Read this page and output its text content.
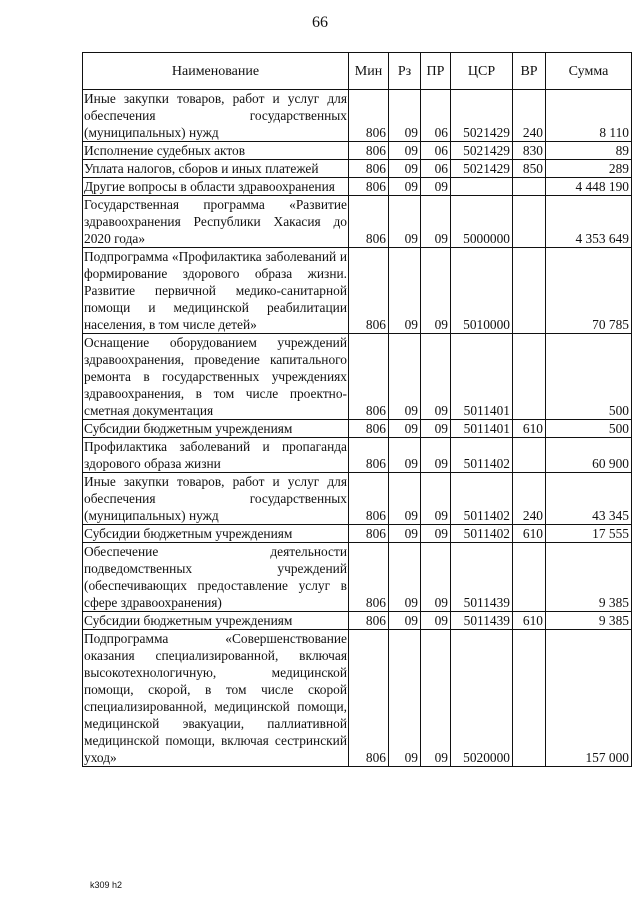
66
Наименование	Мин	Рз	ПР	ЦСР	ВР	Сумма
Иные закупки товаров, работ и услуг для обеспечения государственных (муниципальных) нужд	806	09	06	5021429	240	8 110
Исполнение судебных актов	806	09	06	5021429	830	89
Уплата налогов, сборов и иных платежей	806	09	06	5021429	850	289
Другие вопросы в области здравоохранения	806	09	09			4 448 190
Государственная программа «Развитие здравоохранения Республики Хакасия до 2020 года»	806	09	09	5000000		4 353 649
Подпрограмма «Профилактика заболеваний и формирование здорового образа жизни. Развитие первичной медико-санитарной помощи и медицинской реабилитации населения, в том числе детей»	806	09	09	5010000		70 785
Оснащение оборудованием учреждений здравоохранения, проведение капитального ремонта в государственных учреждениях здравоохранения, в том числе проектно-сметная документация	806	09	09	5011401		500
Субсидии бюджетным учреждениям	806	09	09	5011401	610	500
Профилактика заболеваний и пропаганда здорового образа жизни	806	09	09	5011402		60 900
Иные закупки товаров, работ и услуг для обеспечения государственных (муниципальных) нужд	806	09	09	5011402	240	43 345
Субсидии бюджетным учреждениям	806	09	09	5011402	610	17 555
Обеспечение деятельности подведомственных учреждений (обеспечивающих предоставление услуг в сфере здравоохранения)	806	09	09	5011439		9 385
Субсидии бюджетным учреждениям	806	09	09	5011439	610	9 385
Подпрограмма «Совершенствование оказания специализированной, включая высокотехнологичную, медицинской помощи, скорой, в том числе скорой специализированной, медицинской помощи, медицинской эвакуации, паллиативной медицинской помощи, включая сестринский уход»	806	09	09	5020000		157 000
k309 h2
